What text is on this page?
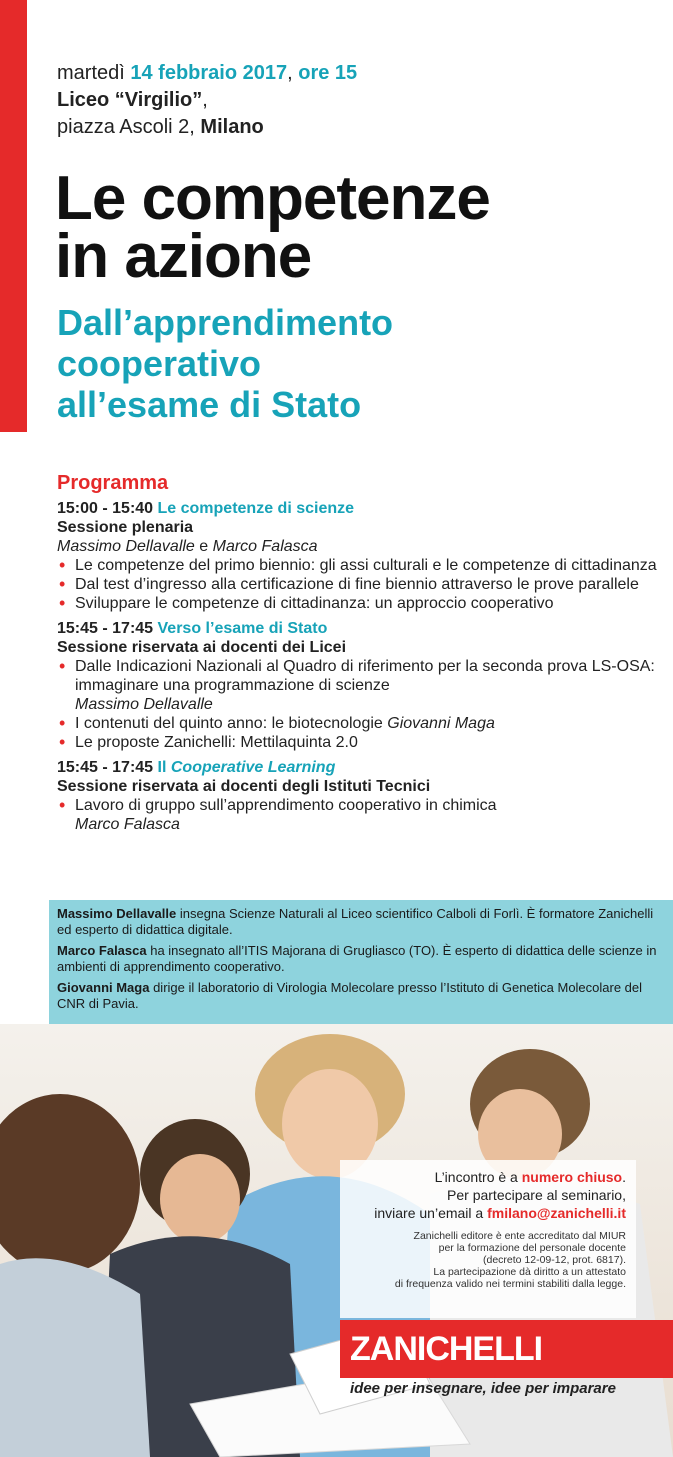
martedì 14 febbraio 2017, ore 15
Liceo “Virgilio”,
piazza Ascoli 2, Milano
Le competenze
in azione
Dall’apprendimento
cooperativo
all’esame di Stato
Programma
15:00 - 15:40 Le competenze di scienze
Sessione plenaria
Massimo Dellavalle e Marco Falasca
• Le competenze del primo biennio: gli assi culturali e le competenze di cittadinanza
• Dal test d’ingresso alla certificazione di fine biennio attraverso le prove parallele
• Sviluppare le competenze di cittadinanza: un approccio cooperativo
15:45 - 17:45 Verso l’esame di Stato
Sessione riservata ai docenti dei Licei
• Dalle Indicazioni Nazionali al Quadro di riferimento per la seconda prova LS-OSA: immaginare una programmazione di scienze
Massimo Dellavalle
• I contenuti del quinto anno: le biotecnologie Giovanni Maga
• Le proposte Zanichelli: Mettilaquinta 2.0
15:45 - 17:45 Il Cooperative Learning
Sessione riservata ai docenti degli Istituti Tecnici
• Lavoro di gruppo sull’apprendimento cooperativo in chimica
Marco Falasca

Massimo Dellavalle insegna Scienze Naturali al Liceo scientifico Calboli di Forlì. È formatore Zanichelli ed esperto di didattica digitale.

Marco Falasca ha insegnato all’ITIS Majorana di Grugliasco (TO). È esperto di didattica delle scienze in ambienti di apprendimento cooperativo.

Giovanni Maga dirige il laboratorio di Virologia Molecolare presso l’Istituto di Genetica Molecolare del CNR di Pavia.

L’incontro è a numero chiuso.
Per partecipare al seminario,
inviare un’email a fmilano@zanichelli.it
Zanichelli editore è ente accreditato dal MIUR
per la formazione del personale docente
(decreto 12-09-12, prot. 6817).
La partecipazione dà diritto a un attestato
di frequenza valido nei termini stabiliti dalla legge.
ZANICHELLI
idee per insegnare, idee per imparare
